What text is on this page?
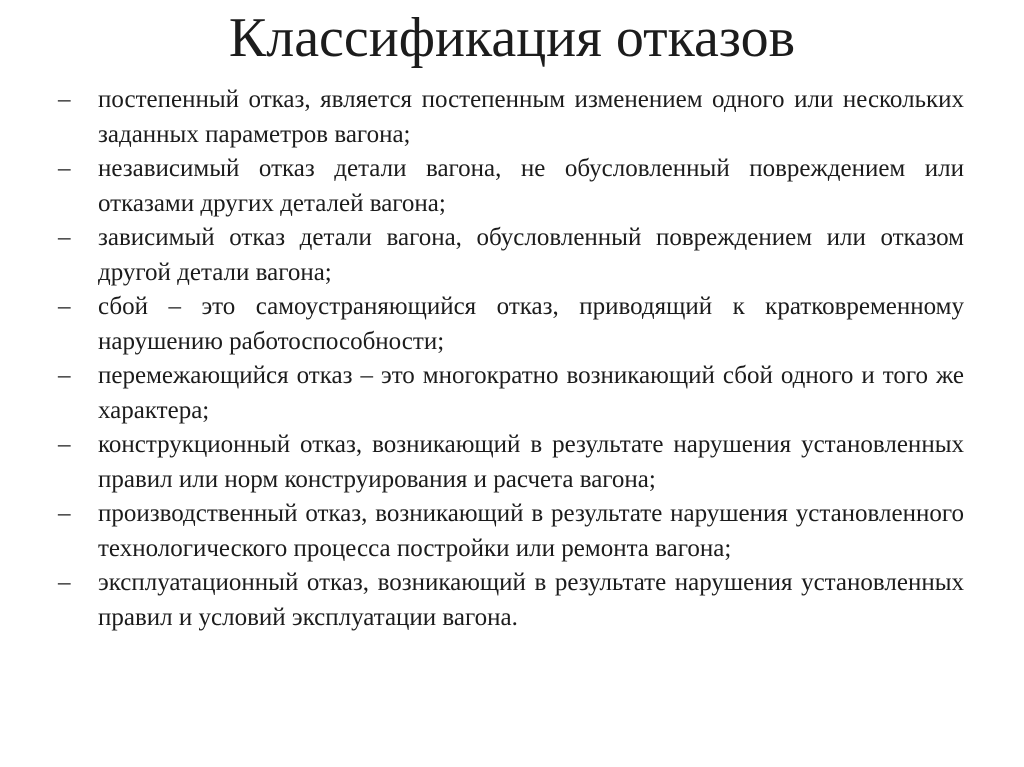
Классификация отказов
–	постепенный отказ, является постепенным изменением одного или нескольких заданных параметров вагона;
–	независимый отказ детали вагона, не обусловленный повреждением или отказами других деталей вагона;
–	зависимый отказ детали вагона, обусловленный повреждением или отказом другой детали вагона;
–	сбой – это самоустраняющийся отказ, приводящий к кратковременному нарушению работоспособности;
–	перемежающийся отказ – это многократно возникающий сбой одного и того же характера;
–	конструкционный отказ, возникающий в результате нарушения установленных правил или норм конструирования и расчета вагона;
–	производственный отказ, возникающий в результате нарушения установленного технологического процесса постройки или ремонта вагона;
–	эксплуатационный отказ, возникающий в результате нарушения установленных правил и условий эксплуатации вагона.
